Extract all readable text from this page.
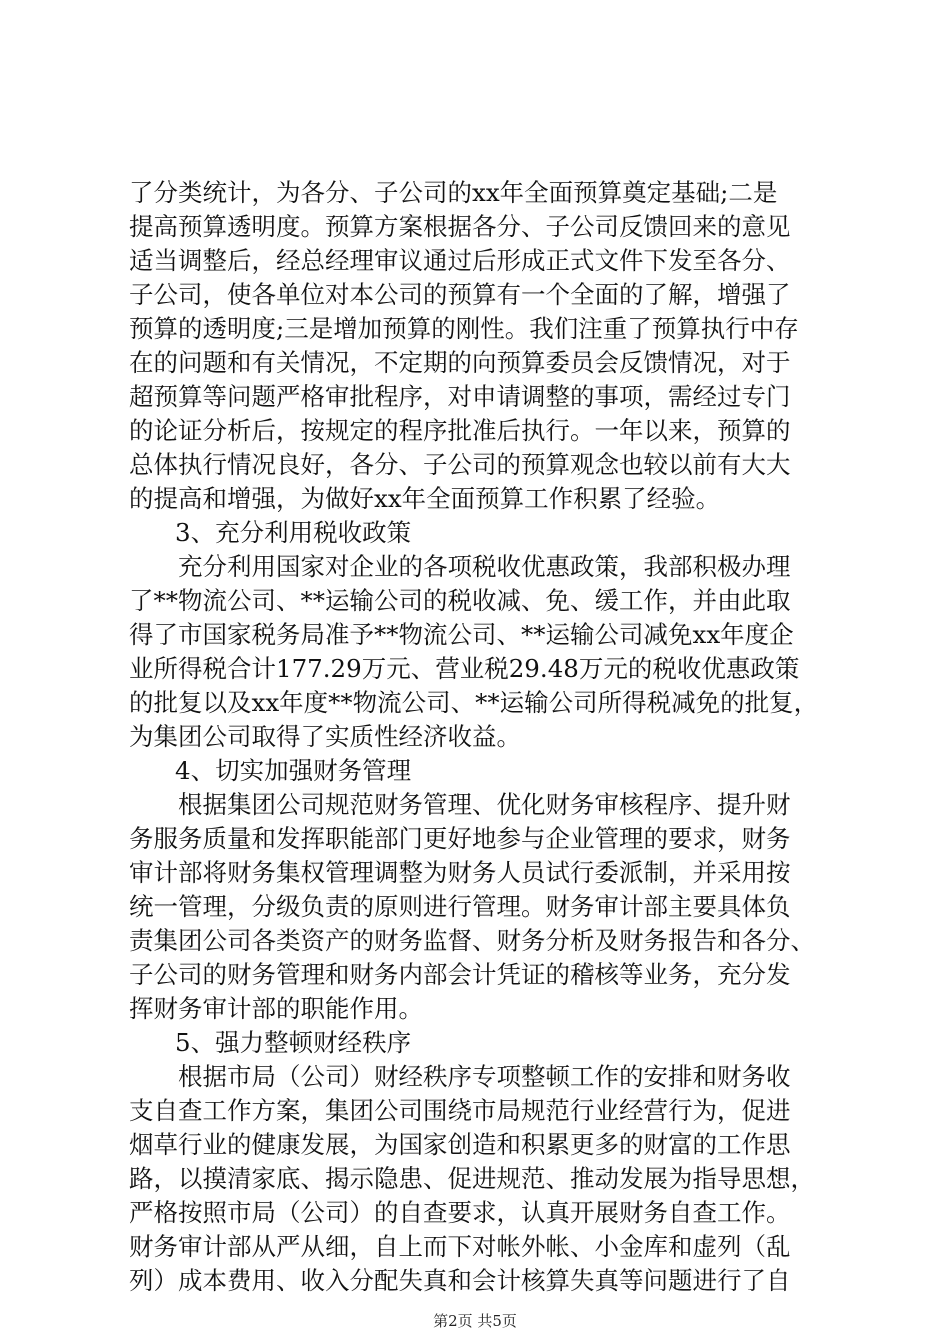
了分类统计，为各分、子公司的xx年全面预算奠定基础;二是
提高预算透明度。预算方案根据各分、子公司反馈回来的意见
适当调整后，经总经理审议通过后形成正式文件下发至各分、
子公司，使各单位对本公司的预算有一个全面的了解，增强了
预算的透明度;三是增加预算的刚性。我们注重了预算执行中存
在的问题和有关情况，不定期的向预算委员会反馈情况，对于
超预算等问题严格审批程序，对申请调整的事项，需经过专门
的论证分析后，按规定的程序批准后执行。一年以来，预算的
总体执行情况良好，各分、子公司的预算观念也较以前有大大
的提高和增强，为做好xx年全面预算工作积累了经验。
3、充分利用税收政策
充分利用国家对企业的各项税收优惠政策，我部积极办理
了**物流公司、**运输公司的税收减、免、缓工作，并由此取
得了市国家税务局准予**物流公司、**运输公司减免xx年度企
业所得税合计177.29万元、营业税29.48万元的税收优惠政策
的批复以及xx年度**物流公司、**运输公司所得税减免的批复，
为集团公司取得了实质性经济收益。
4、切实加强财务管理
根据集团公司规范财务管理、优化财务审核程序、提升财
务服务质量和发挥职能部门更好地参与企业管理的要求，财务
审计部将财务集权管理调整为财务人员试行委派制，并采用按
统一管理，分级负责的原则进行管理。财务审计部主要具体负
责集团公司各类资产的财务监督、财务分析及财务报告和各分、
子公司的财务管理和财务内部会计凭证的稽核等业务，充分发
挥财务审计部的职能作用。
5、强力整顿财经秩序
根据市局（公司）财经秩序专项整顿工作的安排和财务收
支自查工作方案，集团公司围绕市局规范行业经营行为，促进
烟草行业的健康发展，为国家创造和积累更多的财富的工作思
路，以摸清家底、揭示隐患、促进规范、推动发展为指导思想，
严格按照市局（公司）的自查要求，认真开展财务自查工作。
财务审计部从严从细，自上而下对帐外帐、小金库和虚列（乱
列）成本费用、收入分配失真和会计核算失真等问题进行了自
第2页 共5页
